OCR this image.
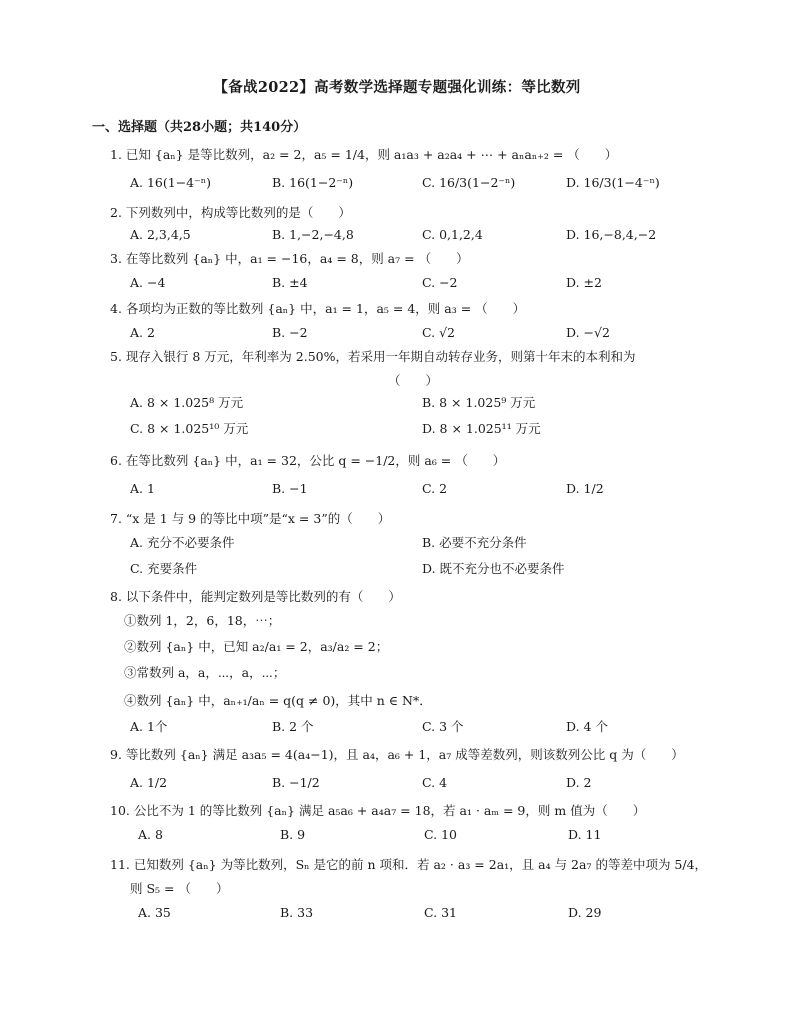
【备战2022】高考数学选择题专题强化训练：等比数列
一、选择题（共28小题；共140分）
1. 已知 {aₙ} 是等比数列，a₂ = 2，a₅ = 1/4，则 a₁a₃ + a₂a₄ + ⋯ + aₙaₙ₊₂ = （　　）
A. 16(1−4⁻ⁿ)	B. 16(1−2⁻ⁿ)	C. 16/3(1−2⁻ⁿ)	D. 16/3(1−4⁻ⁿ)
2. 下列数列中，构成等比数列的是（　　）
A. 2,3,4,5	B. 1,−2,−4,8	C. 0,1,2,4	D. 16,−8,4,−2
3. 在等比数列 {aₙ} 中，a₁ = −16，a₄ = 8，则 a₇ = （　　）
A. −4	B. ±4	C. −2	D. ±2
4. 各项均为正数的等比数列 {aₙ} 中，a₁ = 1，a₅ = 4，则 a₃ = （　　）
A. 2	B. −2	C. √2	D. −√2
5. 现存入银行 8 万元，年利率为 2.50%，若采用一年期自动转存业务，则第十年末的本利和为
（　　）
A. 8 × 1.025⁸ 万元	B. 8 × 1.025⁹ 万元
C. 8 × 1.025¹⁰ 万元	D. 8 × 1.025¹¹ 万元
6. 在等比数列 {aₙ} 中，a₁ = 32，公比 q = −1/2，则 a₆ = （　　）
A. 1	B. −1	C. 2	D. 1/2
7. “x 是 1 与 9 的等比中项”是“x = 3”的（　　）
A. 充分不必要条件	B. 必要不充分条件
C. 充要条件	D. 既不充分也不必要条件
8. 以下条件中，能判定数列是等比数列的有（　　）
①数列 1，2，6，18，⋯；
②数列 {aₙ} 中，已知 a₂/a₁ = 2，a₃/a₂ = 2；
③常数列 a，a，⋯，a，⋯；
④数列 {aₙ} 中，aₙ₊₁/aₙ = q(q ≠ 0)，其中 n ∈ N*．
A. 1个	B. 2 个	C. 3 个	D. 4 个
9. 等比数列 {aₙ} 满足 a₃a₅ = 4(a₄−1)，且 a₄，a₆ + 1，a₇ 成等差数列，则该数列公比 q 为（　　）
A. 1/2	B. −1/2	C. 4	D. 2
10. 公比不为 1 的等比数列 {aₙ} 满足 a₅a₆ + a₄a₇ = 18，若 a₁ · aₘ = 9，则 m 值为（　　）
A. 8	B. 9	C. 10	D. 11
11. 已知数列 {aₙ} 为等比数列，Sₙ 是它的前 n 项和．若 a₂ · a₃ = 2a₁，且 a₄ 与 2a₇ 的等差中项为 5/4，
则 S₅ = （　　）
A. 35	B. 33	C. 31	D. 29
